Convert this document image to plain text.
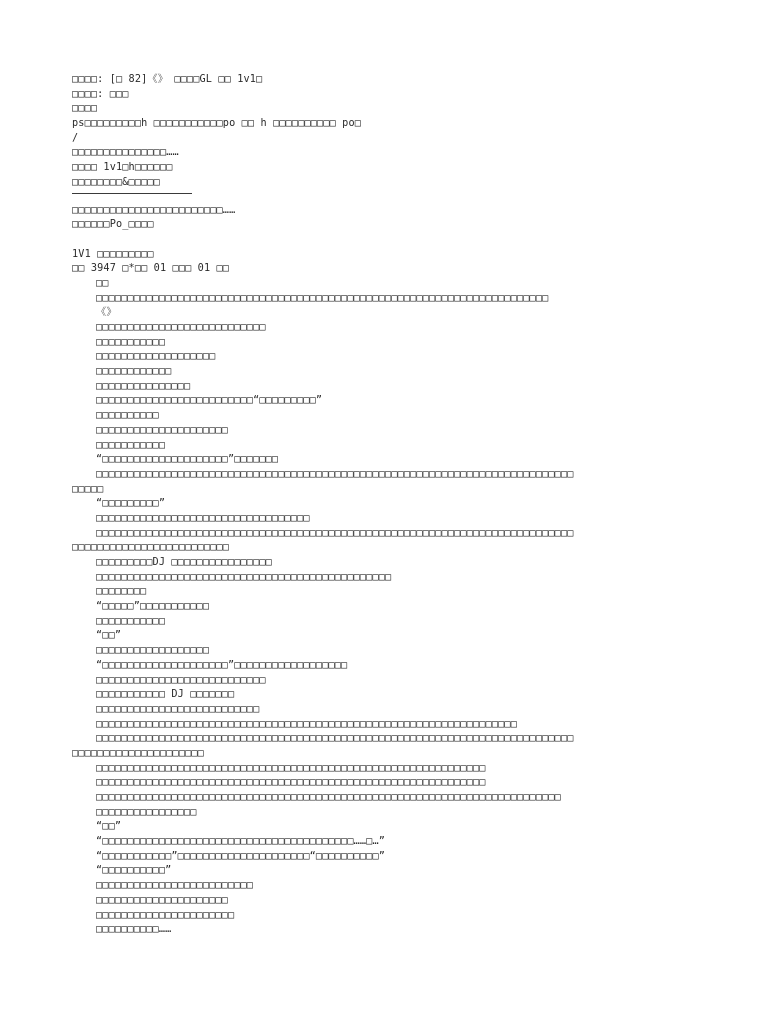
□□□□: [□ 82]《》 □□□□GL □□ 1v1□
□□□□: □□□
□□□□
ps□□□□□□□□□h □□□□□□□□□□□po □□ h □□□□□□□□□□ po□
/
□□□□□□□□□□□□□□□……
□□□□ 1v1□h□□□□□□
□□□□□□□□&□□□□□
□□□□□□□□□□□□□□□□□□□□□□□□……
□□□□□□Po_□□□□
1V1 □□□□□□□□□
□□ 3947 □*□□ 01 □□□ 01 □□
□□
□□□□□□□□□□□□□□□□□□□□□□□□□□□□□□□□□□□□□□□□□□□□□□□□□□□□□□□□□□□□□□□□□□□□□□□□
《》
□□□□□□□□□□□□□□□□□□□□□□□□□□□
□□□□□□□□□□□
□□□□□□□□□□□□□□□□□□□
□□□□□□□□□□□□
□□□□□□□□□□□□□□□
□□□□□□□□□□□□□□□□□□□□□□□□□“□□□□□□□□□”
□□□□□□□□□□
□□□□□□□□□□□□□□□□□□□□□
□□□□□□□□□□□
“□□□□□□□□□□□□□□□□□□□□”□□□□□□□
□□□□□□□□□□□□□□□□□□□□□□□□□□□□□□□□□□□□□□□□□□□□□□□□□□□□□□□□□□□□□□□□□□□□□□□□□□□□
□□□□□
“□□□□□□□□□”
□□□□□□□□□□□□□□□□□□□□□□□□□□□□□□□□□□
□□□□□□□□□□□□□□□□□□□□□□□□□□□□□□□□□□□□□□□□□□□□□□□□□□□□□□□□□□□□□□□□□□□□□□□□□□□□
□□□□□□□□□□□□□□□□□□□□□□□□□
□□□□□□□□□DJ □□□□□□□□□□□□□□□□
□□□□□□□□□□□□□□□□□□□□□□□□□□□□□□□□□□□□□□□□□□□□□□□
□□□□□□□□
“□□□□□”□□□□□□□□□□□
□□□□□□□□□□□
“□□”
□□□□□□□□□□□□□□□□□□
“□□□□□□□□□□□□□□□□□□□□”□□□□□□□□□□□□□□□□□□
□□□□□□□□□□□□□□□□□□□□□□□□□□□
□□□□□□□□□□□ DJ □□□□□□□
□□□□□□□□□□□□□□□□□□□□□□□□□□
□□□□□□□□□□□□□□□□□□□□□□□□□□□□□□□□□□□□□□□□□□□□□□□□□□□□□□□□□□□□□□□□□□□
□□□□□□□□□□□□□□□□□□□□□□□□□□□□□□□□□□□□□□□□□□□□□□□□□□□□□□□□□□□□□□□□□□□□□□□□□□□□
□□□□□□□□□□□□□□□□□□□□□
□□□□□□□□□□□□□□□□□□□□□□□□□□□□□□□□□□□□□□□□□□□□□□□□□□□□□□□□□□□□□□
□□□□□□□□□□□□□□□□□□□□□□□□□□□□□□□□□□□□□□□□□□□□□□□□□□□□□□□□□□□□□□
□□□□□□□□□□□□□□□□□□□□□□□□□□□□□□□□□□□□□□□□□□□□□□□□□□□□□□□□□□□□□□□□□□□□□□□□□□
□□□□□□□□□□□□□□□□
“□□”
“□□□□□□□□□□□□□□□□□□□□□□□□□□□□□□□□□□□□□□□□……□…”
“□□□□□□□□□□□”□□□□□□□□□□□□□□□□□□□□□“□□□□□□□□□□”
“□□□□□□□□□□”
□□□□□□□□□□□□□□□□□□□□□□□□□
□□□□□□□□□□□□□□□□□□□□□
□□□□□□□□□□□□□□□□□□□□□□
□□□□□□□□□□……
